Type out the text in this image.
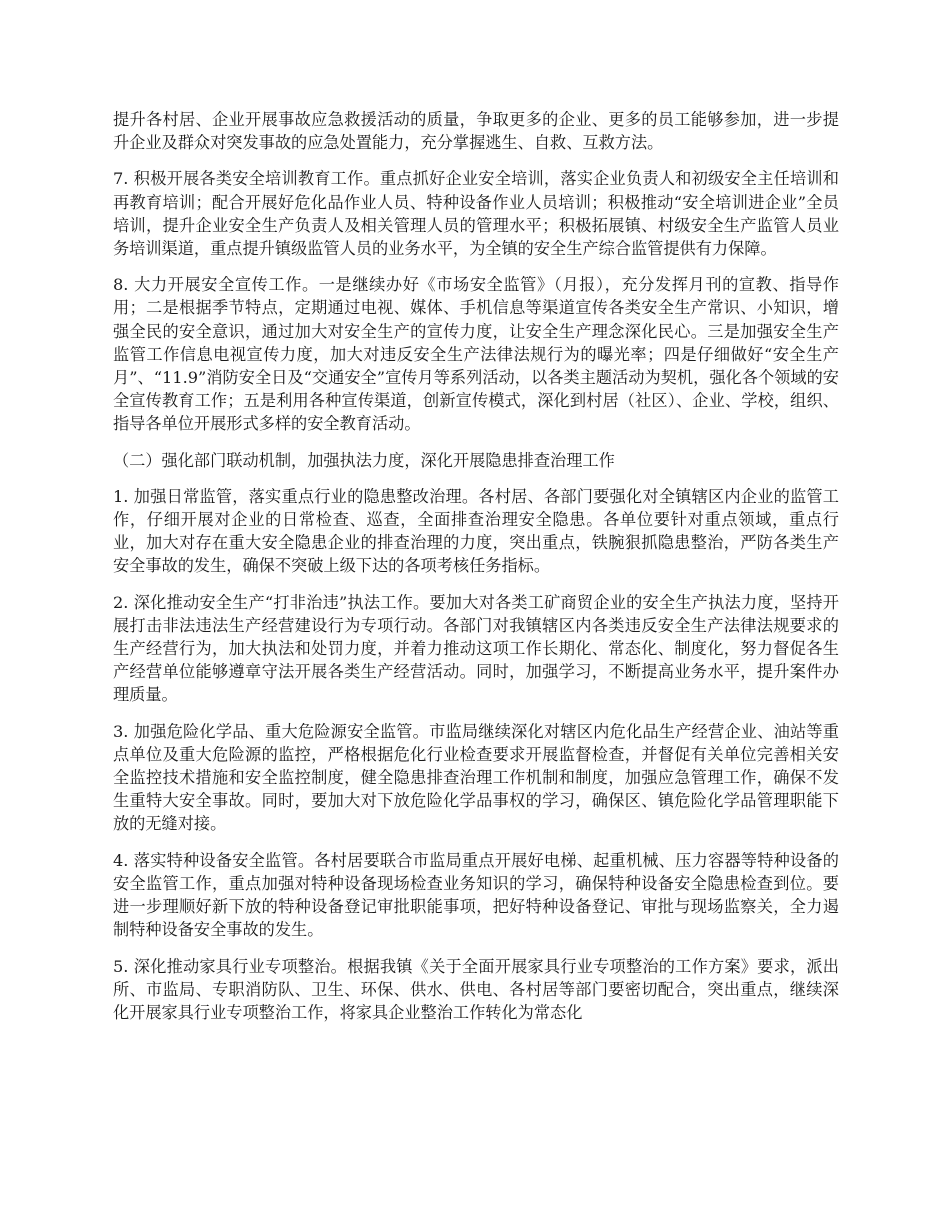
提升各村居、企业开展事故应急救援活动的质量，争取更多的企业、更多的员工能够参加，进一步提升企业及群众对突发事故的应急处置能力，充分掌握逃生、自救、互救方法。

7. 积极开展各类安全培训教育工作。重点抓好企业安全培训，落实企业负责人和初级安全主任培训和再教育培训；配合开展好危化品作业人员、特种设备作业人员培训；积极推动“安全培训进企业”全员培训，提升企业安全生产负责人及相关管理人员的管理水平；积极拓展镇、村级安全生产监管人员业务培训渠道，重点提升镇级监管人员的业务水平，为全镇的安全生产综合监管提供有力保障。

8. 大力开展安全宣传工作。一是继续办好《市场安全监管》（月报），充分发挥月刊的宣教、指导作用；二是根据季节特点，定期通过电视、媒体、手机信息等渠道宣传各类安全生产常识、小知识，增强全民的安全意识，通过加大对安全生产的宣传力度，让安全生产理念深化民心。三是加强安全生产监管工作信息电视宣传力度，加大对违反安全生产法律法规行为的曝光率；四是仔细做好“安全生产月”、“11.9”消防安全日及“交通安全”宣传月等系列活动，以各类主题活动为契机，强化各个领域的安全宣传教育工作；五是利用各种宣传渠道，创新宣传模式，深化到村居（社区）、企业、学校，组织、指导各单位开展形式多样的安全教育活动。

（二）强化部门联动机制，加强执法力度，深化开展隐患排查治理工作

1. 加强日常监管，落实重点行业的隐患整改治理。各村居、各部门要强化对全镇辖区内企业的监管工作，仔细开展对企业的日常检查、巡查，全面排查治理安全隐患。各单位要针对重点领域，重点行业，加大对存在重大安全隐患企业的排查治理的力度，突出重点，铁腕狠抓隐患整治，严防各类生产安全事故的发生，确保不突破上级下达的各项考核任务指标。

2. 深化推动安全生产“打非治违”执法工作。要加大对各类工矿商贸企业的安全生产执法力度，坚持开展打击非法违法生产经营建设行为专项行动。各部门对我镇辖区内各类违反安全生产法律法规要求的生产经营行为，加大执法和处罚力度，并着力推动这项工作长期化、常态化、制度化，努力督促各生产经营单位能够遵章守法开展各类生产经营活动。同时，加强学习，不断提高业务水平，提升案件办理质量。

3. 加强危险化学品、重大危险源安全监管。市监局继续深化对辖区内危化品生产经营企业、油站等重点单位及重大危险源的监控，严格根据危化行业检查要求开展监督检查，并督促有关单位完善相关安全监控技术措施和安全监控制度，健全隐患排查治理工作机制和制度，加强应急管理工作，确保不发生重特大安全事故。同时，要加大对下放危险化学品事权的学习，确保区、镇危险化学品管理职能下放的无缝对接。

4. 落实特种设备安全监管。各村居要联合市监局重点开展好电梯、起重机械、压力容器等特种设备的安全监管工作，重点加强对特种设备现场检查业务知识的学习，确保特种设备安全隐患检查到位。要进一步理顺好新下放的特种设备登记审批职能事项，把好特种设备登记、审批与现场监察关，全力遏制特种设备安全事故的发生。

5. 深化推动家具行业专项整治。根据我镇《关于全面开展家具行业专项整治的工作方案》要求，派出所、市监局、专职消防队、卫生、环保、供水、供电、各村居等部门要密切配合，突出重点，继续深化开展家具行业专项整治工作，将家具企业整治工作转化为常态化
